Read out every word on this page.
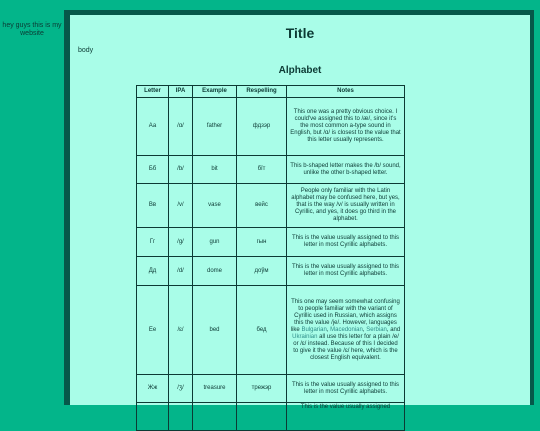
hey guys this is my website	Title
body
Alphabet
Letter	IPA	Example	Respelling	Notes
Аа	/ɑ/	father	фдзэр	This one was a pretty obvious choice. I could've assigned this to /æ/, since it's the most common a-type sound in English, but /ɑ/ is closest to the value that this letter usually represents.
Бб	/b/	bit	бїт	This b-shaped letter makes the /b/ sound, unlike the other b-shaped letter.
Вв	/v/	vase	вейс	People only familiar with the Latin alphabet may be confused here, but yes, that is the way /v/ is usually written in Cyrillic, and yes, it does go third in the alphabet.
Гг	/g/	gun	гын	This is the value usually assigned to this letter in most Cyrillic alphabets.
Дд	/d/	dome	доўм	This is the value usually assigned to this letter in most Cyrillic alphabets.
Ее	/ɛ/	bed	бед	This one may seem somewhat confusing to people familiar with the variant of Cyrillic used in Russian, which assigns this the value /je/. However, languages like Bulgarian, Macedonian, Serbian, and Ukrainian all use this letter for a plain /e/ or /ɛ/ instead. Because of this I decided to give it the value /ɛ/ here, which is the closest English equivalent.
Жж	/ʒ/	treasure	трежэр	This is the value usually assigned to this letter in most Cyrillic alphabets.
				This is the value usually assigned
